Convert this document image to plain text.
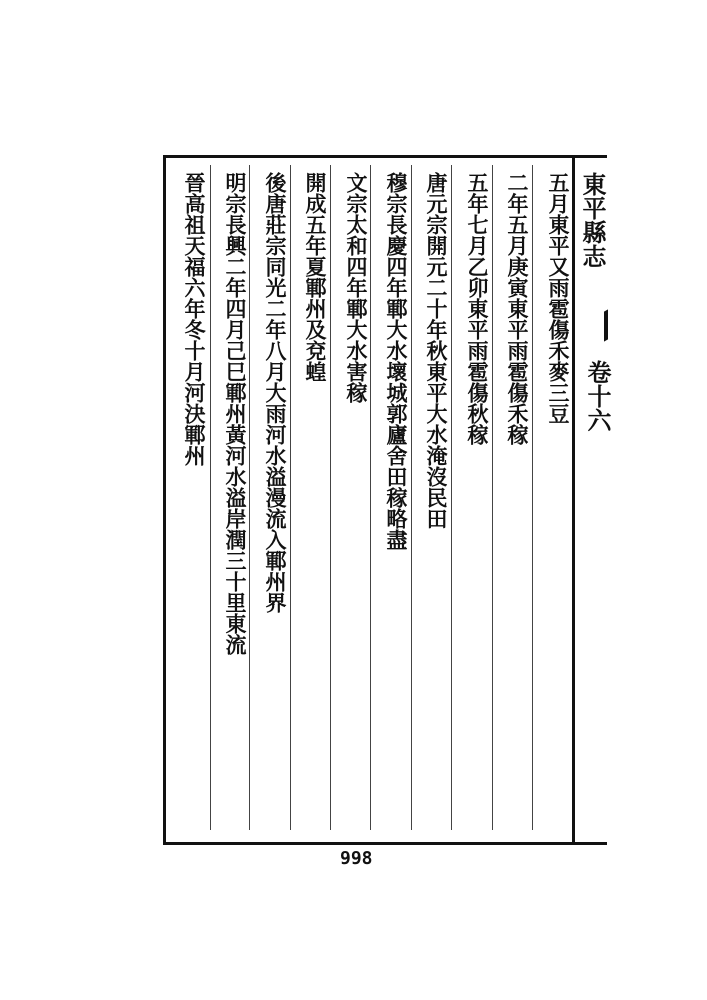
東平縣志
卷十六
五月東平又雨雹傷禾麥三豆
二年五月庚寅東平雨雹傷禾稼
五年七月乙卯東平雨雹傷秋稼
唐元宗開元二十年秋東平大水淹沒民田
穆宗長慶四年鄆大水壞城郭廬舍田稼略盡
文宗太和四年鄆大水害稼
開成五年夏鄆州及兗蝗
後唐莊宗同光二年八月大雨河水溢漫流入鄆州界
明宗長興二年四月己巳鄆州黃河水溢岸潤三十里東流
晉高祖天福六年冬十月河決鄆州
998
